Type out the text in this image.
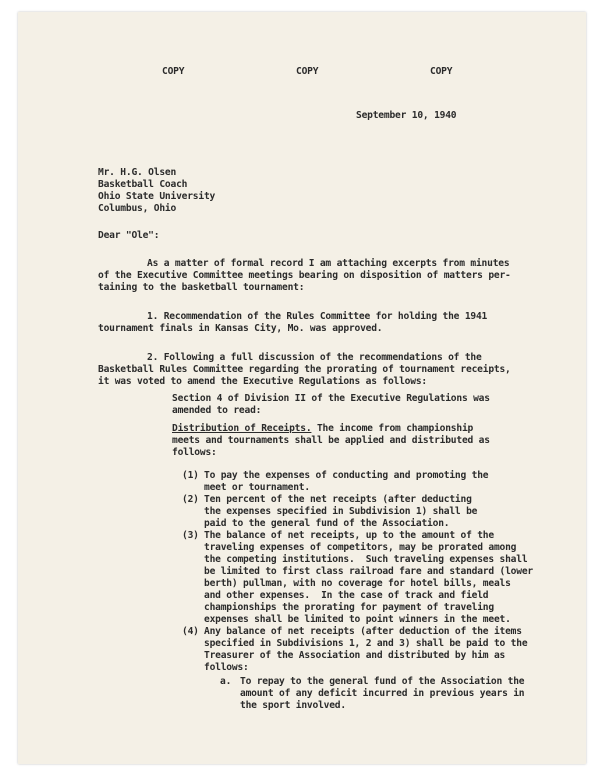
COPY	COPY	COPY

September 10, 1940

Mr. H.G. Olsen

Basketball Coach

Ohio State University

Columbus, Ohio

Dear "Ole":

As a matter of formal record I am attaching excerpts from minutes

of the Executive Committee meetings bearing on disposition of matters per-

taining to the basketball tournament:

1. Recommendation of the Rules Committee for holding the 1941

tournament finals in Kansas City, Mo. was approved.

2. Following a full discussion of the recommendations of the

Basketball Rules Committee regarding the prorating of tournament receipts,

it was voted to amend the Executive Regulations as follows:

Section 4 of Division II of the Executive Regulations was

amended to read:

Distribution of Receipts. The income from championship

meets and tournaments shall be applied and distributed as

follows:

(1) To pay the expenses of conducting and promoting the

meet or tournament.

(2) Ten percent of the net receipts (after deducting

the expenses specified in Subdivision 1) shall be

paid to the general fund of the Association.

(3) The balance of net receipts, up to the amount of the

traveling expenses of competitors, may be prorated among

the competing institutions.  Such traveling expenses shall

be limited to first class railroad fare and standard (lower

berth) pullman, with no coverage for hotel bills, meals

and other expenses.  In the case of track and field

championships the prorating for payment of traveling

expenses shall be limited to point winners in the meet.

(4) Any balance of net receipts (after deduction of the items

specified in Subdivisions 1, 2 and 3) shall be paid to the

Treasurer of the Association and distributed by him as

follows:

a. To repay to the general fund of the Association the

amount of any deficit incurred in previous years in

the sport involved.
